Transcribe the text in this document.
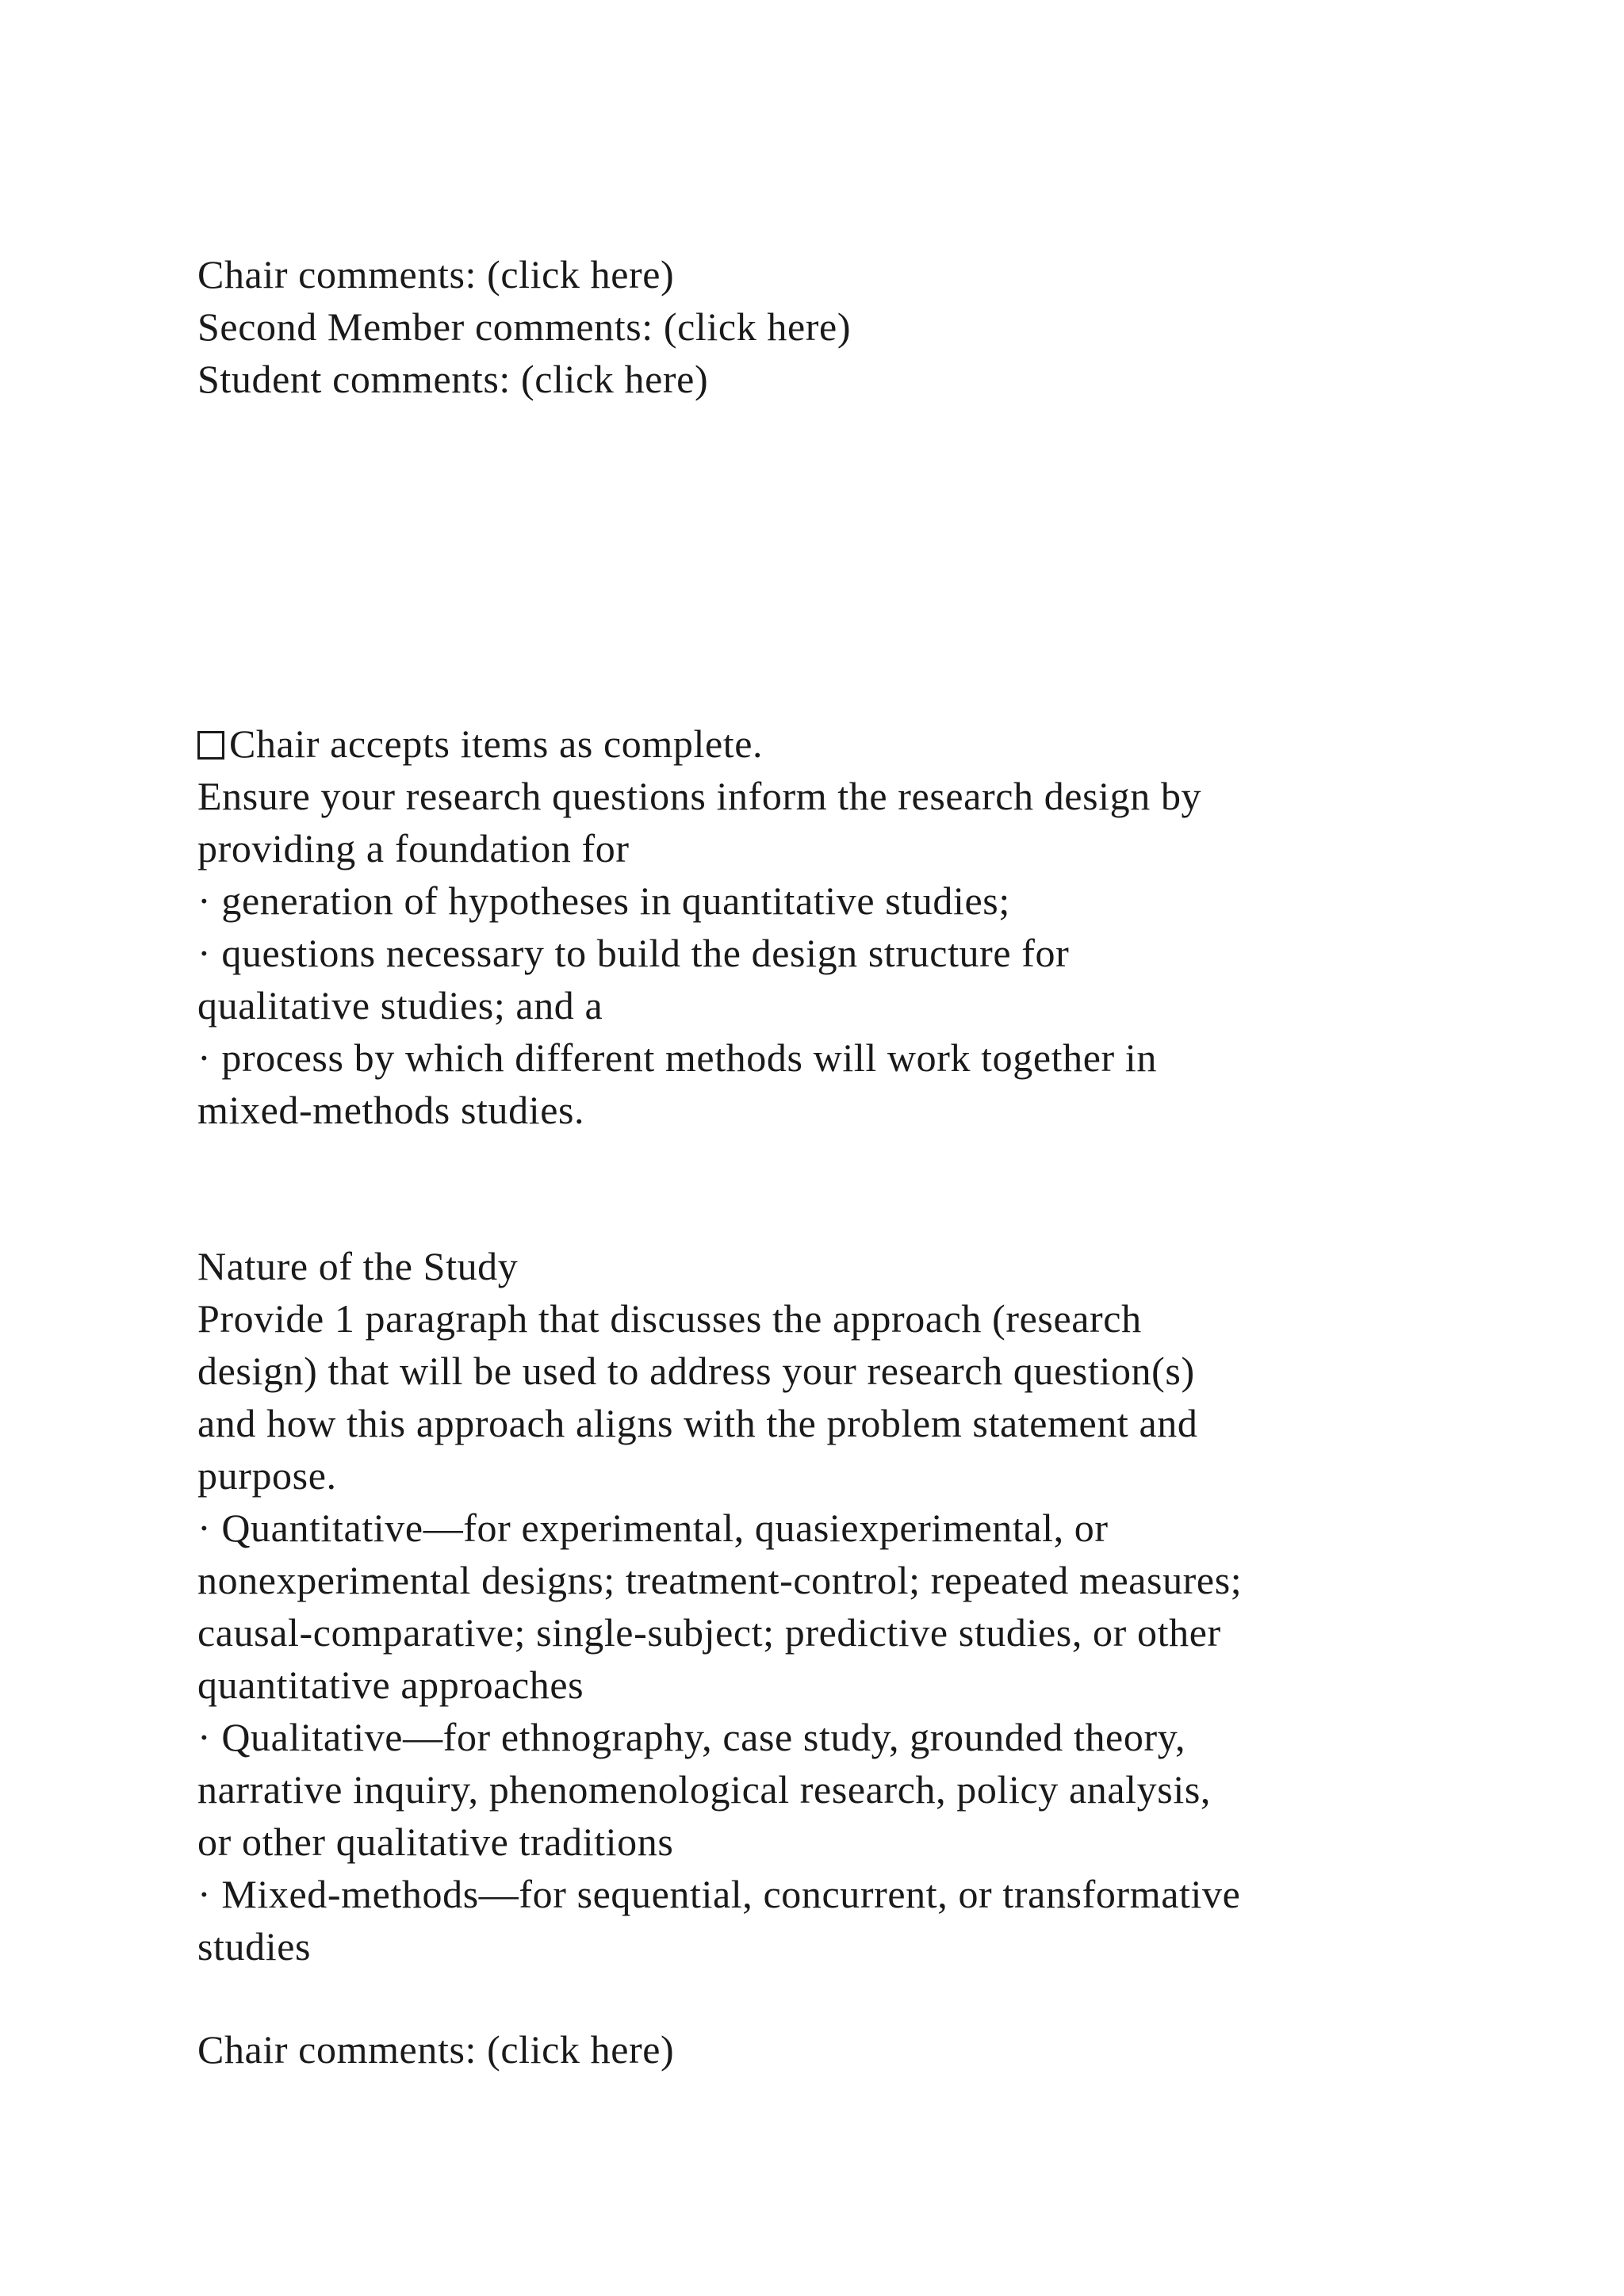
Chair comments: (click here)
Second Member comments: (click here)
Student comments: (click here)
Chair accepts items as complete.
Ensure your research questions inform the research design by
providing a foundation for
· generation of hypotheses in quantitative studies;
· questions necessary to build the design structure for
qualitative studies; and a
· process by which different methods will work together in
mixed-methods studies.
Nature of the Study
Provide 1 paragraph that discusses the approach (research
design) that will be used to address your research question(s)
and how this approach aligns with the problem statement and
purpose.
· Quantitative—for experimental, quasiexperimental, or
nonexperimental designs; treatment-control; repeated measures;
causal-comparative; single-subject; predictive studies, or other
quantitative approaches
· Qualitative—for ethnography, case study, grounded theory,
narrative inquiry, phenomenological research, policy analysis,
or other qualitative traditions
· Mixed-methods—for sequential, concurrent, or transformative
studies
Chair comments: (click here)
